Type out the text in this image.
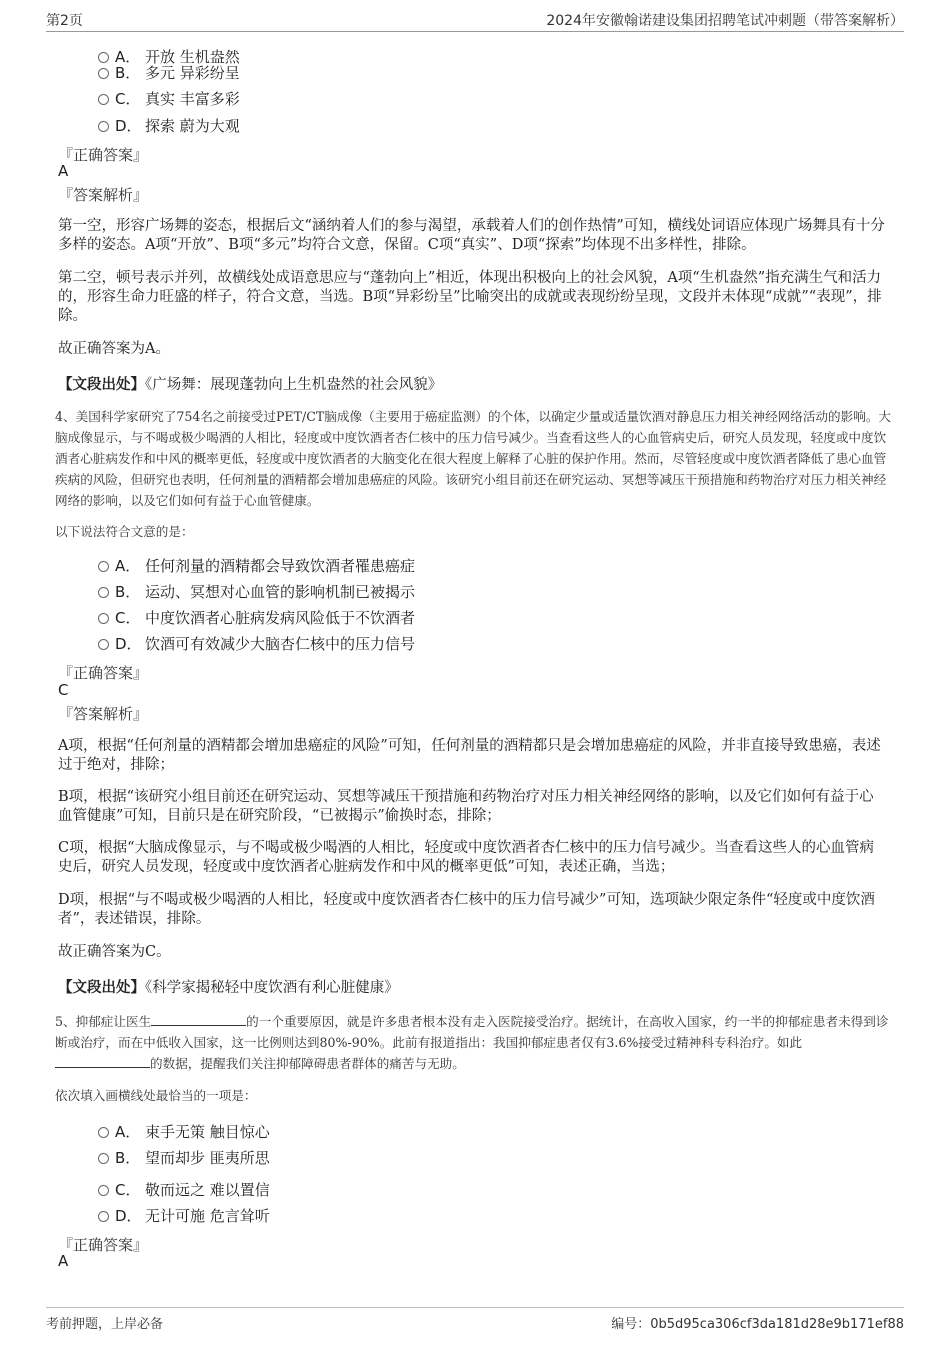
第2页	2024年安徽翰诺建设集团招聘笔试冲刺题（带答案解析）
A． 开放 生机盎然
B． 多元 异彩纷呈
C． 真实 丰富多彩
D． 探索 蔚为大观
『正确答案』
A
『答案解析』
第一空，形容广场舞的姿态，根据后文“涵纳着人们的参与渴望，承载着人们的创作热情”可知，横线处词语应体现广场舞具有十分多样的姿态。A项“开放”、B项“多元”均符合文意，保留。C项“真实”、D项“探索”均体现不出多样性，排除。
第二空，顿号表示并列，故横线处成语意思应与“蓬勃向上”相近，体现出积极向上的社会风貌，A项“生机盎然”指充满生气和活力的，形容生命力旺盛的样子，符合文意，当选。B项“异彩纷呈”比喻突出的成就或表现纷纷呈现，文段并未体现“成就”“表现”，排除。
故正确答案为A。
【文段出处】《广场舞：展现蓬勃向上生机盎然的社会风貌》
4、美国科学家研究了754名之前接受过PET/CT脑成像（主要用于癌症监测）的个体，以确定少量或适量饮酒对静息压力相关神经网络活动的影响。大脑成像显示，与不喝或极少喝酒的人相比，轻度或中度饮酒者杏仁核中的压力信号减少。当查看这些人的心血管病史后，研究人员发现，轻度或中度饮酒者心脏病发作和中风的概率更低，轻度或中度饮酒者的大脑变化在很大程度上解释了心脏的保护作用。然而，尽管轻度或中度饮酒者降低了患心血管疾病的风险，但研究也表明，任何剂量的酒精都会增加患癌症的风险。该研究小组目前还在研究运动、冥想等减压干预措施和药物治疗对压力相关神经网络的影响，以及它们如何有益于心血管健康。
以下说法符合文意的是：
A． 任何剂量的酒精都会导致饮酒者罹患癌症
B． 运动、冥想对心血管的影响机制已被揭示
C． 中度饮酒者心脏病发病风险低于不饮酒者
D． 饮酒可有效减少大脑杏仁核中的压力信号
『正确答案』
C
『答案解析』
A项，根据“任何剂量的酒精都会增加患癌症的风险”可知，任何剂量的酒精都只是会增加患癌症的风险，并非直接导致患癌，表述过于绝对，排除；
B项，根据“该研究小组目前还在研究运动、冥想等减压干预措施和药物治疗对压力相关神经网络的影响，以及它们如何有益于心血管健康”可知，目前只是在研究阶段，“已被揭示”偷换时态，排除；
C项，根据“大脑成像显示，与不喝或极少喝酒的人相比，轻度或中度饮酒者杏仁核中的压力信号减少。当查看这些人的心血管病史后，研究人员发现，轻度或中度饮酒者心脏病发作和中风的概率更低”可知，表述正确，当选；
D项，根据“与不喝或极少喝酒的人相比，轻度或中度饮酒者杏仁核中的压力信号减少”可知，选项缺少限定条件“轻度或中度饮酒者”，表述错误，排除。
故正确答案为C。
【文段出处】《科学家揭秘轻中度饮酒有利心脏健康》
5、抑郁症让医生	的一个重要原因，就是许多患者根本没有走入医院接受治疗。据统计，在高收入国家，约一半的抑郁症患者未得到诊断或治疗，而在中低收入国家，这一比例则达到80%-90%。此前有报道指出：我国抑郁症患者仅有3.6%接受过精神科专科治疗。如此的数据，提醒我们关注抑郁障碍患者群体的痛苦与无助。
依次填入画横线处最恰当的一项是：
A． 束手无策 触目惊心
B． 望而却步 匪夷所思
C． 敬而远之 难以置信
D． 无计可施 危言耸听
『正确答案』
A
考前押题，上岸必备	编号：0b5d95ca306cf3da181d28e9b171ef88
